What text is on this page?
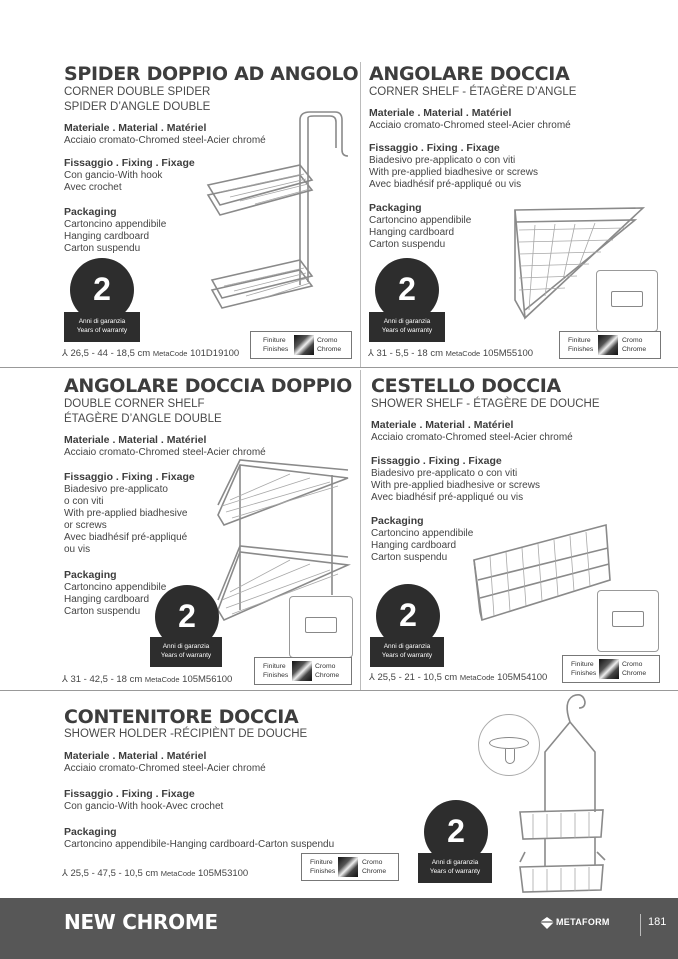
SPIDER DOPPIO AD ANGOLO
CORNER DOUBLE SPIDER
SPIDER D’ANGLE DOUBLE
Materiale . Material . Matériel
Acciaio cromato-Chromed steel-Acier chromé
Fissaggio . Fixing . Fixage
Con gancio-With hook
Avec crochet
Packaging
Cartoncino appendibile
Hanging cardboard
Carton suspendu
2
Anni di garanzia
Years of warranty
Finiture
Finishes
Cromo
Chrome
⅄ 26,5 - 44 - 18,5 cm MetaCode 101D19100
ANGOLARE DOCCIA
CORNER SHELF - ÉTAGÈRE D’ANGLE
Materiale . Material . Matériel
Acciaio cromato-Chromed steel-Acier chromé
Fissaggio . Fixing . Fixage
Biadesivo pre-applicato o con viti
With pre-applied biadhesive or screws
Avec biadhésif pré-appliqué ou vis
Packaging
Cartoncino appendibile
Hanging cardboard
Carton suspendu
2
Anni di garanzia
Years of warranty
Finiture
Finishes
Cromo
Chrome
⅄ 31 - 5,5 - 18 cm MetaCode 105M55100
ANGOLARE DOCCIA DOPPIO
DOUBLE CORNER SHELF
ÉTAGÈRE D’ANGLE DOUBLE
Materiale . Material . Matériel
Acciaio cromato-Chromed steel-Acier chromé
Fissaggio . Fixing . Fixage
Biadesivo pre-applicato
o con viti
With pre-applied biadhesive
or screws
Avec biadhésif pré-appliqué
ou vis
Packaging
Cartoncino appendibile
Hanging cardboard
Carton suspendu	2
Anni di garanzia
Years of warranty
Finiture
Finishes
Cromo
Chrome
⅄ 31 - 42,5 - 18 cm MetaCode 105M56100
CESTELLO DOCCIA
SHOWER SHELF - ÉTAGÈRE DE DOUCHE
Materiale . Material . Matériel
Acciaio cromato-Chromed steel-Acier chromé
Fissaggio . Fixing . Fixage
Biadesivo pre-applicato o con viti
With pre-applied biadhesive or screws
Avec biadhésif pré-appliqué ou vis
Packaging
Cartoncino appendibile
Hanging cardboard
Carton suspendu
2
Anni di garanzia
Years of warranty
Finiture
Finishes
Cromo
Chrome
⅄ 25,5 - 21 - 10,5 cm MetaCode 105M54100
CONTENITORE DOCCIA
SHOWER HOLDER -RÉCIPIÈNT DE DOUCHE
Materiale . Material . Matériel
Acciaio cromato-Chromed steel-Acier chromé
Fissaggio . Fixing . Fixage
Con gancio-With hook-Avec crochet
Packaging
Cartoncino appendibile-Hanging cardboard-Carton suspendu	2
Anni di garanzia
Years of warranty
Finiture
Finishes
Cromo
Chrome
⅄ 25,5 - 47,5 - 10,5 cm MetaCode 105M53100
NEW CHROME	METAFORM	181
